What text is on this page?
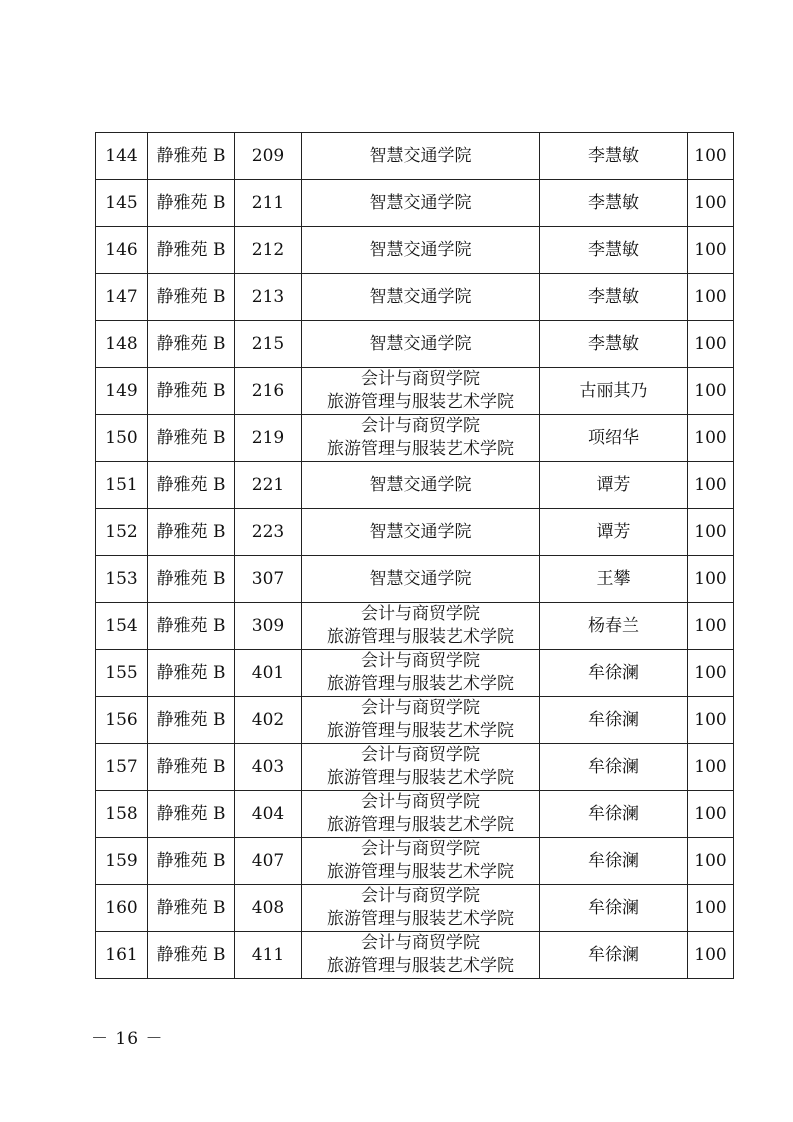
144	静雅苑 B	209	智慧交通学院	李慧敏	100
145	静雅苑 B	211	智慧交通学院	李慧敏	100
146	静雅苑 B	212	智慧交通学院	李慧敏	100
147	静雅苑 B	213	智慧交通学院	李慧敏	100
148	静雅苑 B	215	智慧交通学院	李慧敏	100
149	静雅苑 B	216	会计与商贸学院
旅游管理与服装艺术学院	古丽其乃	100
150	静雅苑 B	219	会计与商贸学院
旅游管理与服装艺术学院	项绍华	100
151	静雅苑 B	221	智慧交通学院	谭芳	100
152	静雅苑 B	223	智慧交通学院	谭芳	100
153	静雅苑 B	307	智慧交通学院	王攀	100
154	静雅苑 B	309	会计与商贸学院
旅游管理与服装艺术学院	杨春兰	100
155	静雅苑 B	401	会计与商贸学院
旅游管理与服装艺术学院	牟徐澜	100
156	静雅苑 B	402	会计与商贸学院
旅游管理与服装艺术学院	牟徐澜	100
157	静雅苑 B	403	会计与商贸学院
旅游管理与服装艺术学院	牟徐澜	100
158	静雅苑 B	404	会计与商贸学院
旅游管理与服装艺术学院	牟徐澜	100
159	静雅苑 B	407	会计与商贸学院
旅游管理与服装艺术学院	牟徐澜	100
160	静雅苑 B	408	会计与商贸学院
旅游管理与服装艺术学院	牟徐澜	100
161	静雅苑 B	411	会计与商贸学院
旅游管理与服装艺术学院	牟徐澜	100
－ 16 －
